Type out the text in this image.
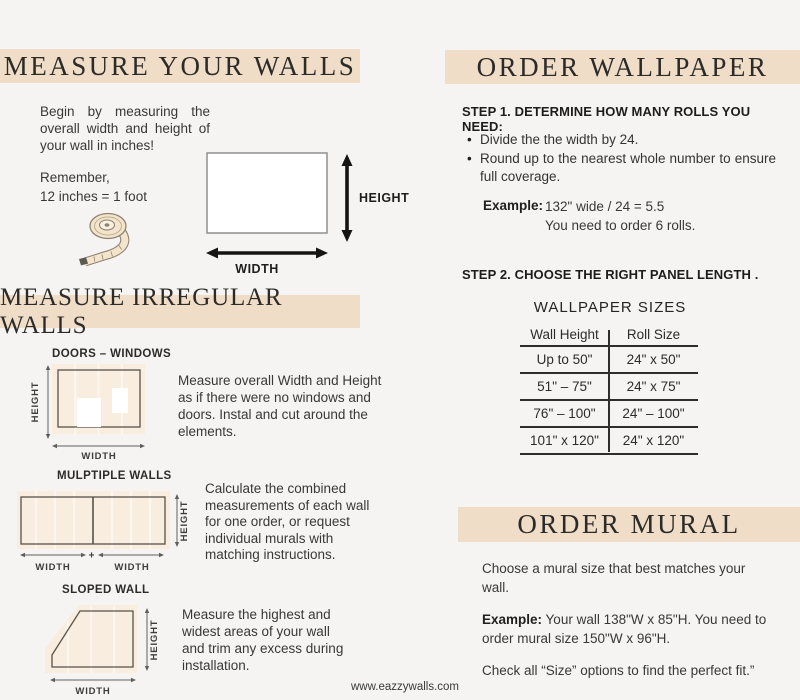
MEASURE YOUR WALLS
Begin by measuring the overall width and height of your wall in inches!
Remember,
12 inches = 1 foot	HEIGHT
WIDTH
MEASURE IRREGULAR WALLS
DOORS – WINDOWS
HEIGHT
WIDTH
Measure overall Width and Height as if there were no windows and doors. Instal and cut around the elements.
MULPTIPLE WALLS
HEIGHT
+
WIDTH	WIDTH
Calculate the combined measurements of each wall for one order, or request individual murals with matching instructions.
SLOPED WALL
HEIGHT
WIDTH
Measure the highest and widest areas of your wall and trim any excess during installation.
ORDER WALLPAPER
STEP 1. DETERMINE HOW MANY ROLLS YOU NEED:
• Divide the the width by 24.
• Round up to the nearest whole number to ensure full coverage.
Example: 132" wide / 24 = 5.5
You need to order 6 rolls.
STEP 2. CHOOSE THE RIGHT PANEL LENGTH .
WALLPAPER SIZES
Wall Height	Roll Size
Up to 50"	24" x 50"
51" – 75"	24" x 75"
76" – 100"	24" – 100"
101" x 120"	24" x 120"
ORDER MURAL
Choose a mural size that best matches your wall.
Example: Your wall 138"W x 85"H. You need to order mural size 150"W x 96"H.
Check all “Size” options to find the perfect fit.”
www.eazzywalls.com
